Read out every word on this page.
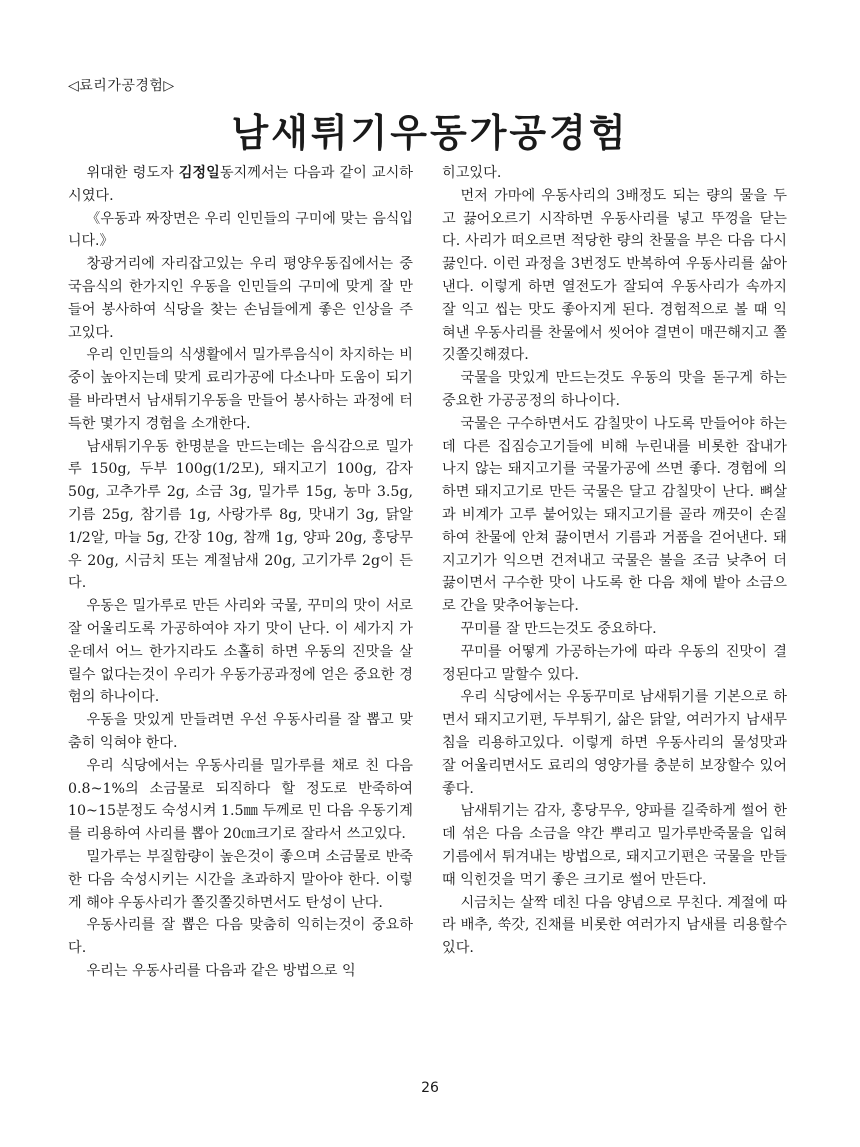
◁료리가공경험▷
남새튀기우동가공경험

위대한 령도자 김정일동지께서는 다음과 같이 교시하시였다.

《우동과 짜장면은 우리 인민들의 구미에 맞는 음식입니다.》

창광거리에 자리잡고있는 우리 평양우동집에서는 중국음식의 한가지인 우동을 인민들의 구미에 맞게 잘 만들어 봉사하여 식당을 찾는 손님들에게 좋은 인상을 주고있다.

우리 인민들의 식생활에서 밀가루음식이 차지하는 비중이 높아지는데 맞게 료리가공에 다소나마 도움이 되기를 바라면서 남새튀기우동을 만들어 봉사하는 과정에 터득한 몇가지 경험을 소개한다.

남새튀기우동 한명분을 만드는데는 음식감으로 밀가루 150g, 두부 100g(1/2모), 돼지고기 100g, 감자 50g, 고추가루 2g, 소금 3g, 밀가루 15g, 농마 3.5g, 기름 25g, 참기름 1g, 사랑가루 8g, 맛내기 3g, 닭알 1/2알, 마늘 5g, 간장 10g, 참깨 1g, 양파 20g, 홍당무우 20g, 시금치 또는 계절남새 20g, 고기가루 2g이 든다.

우동은 밀가루로 만든 사리와 국물, 꾸미의 맛이 서로 잘 어울리도록 가공하여야 자기 맛이 난다. 이 세가지 가운데서 어느 한가지라도 소홀히 하면 우동의 진맛을 살릴수 없다는것이 우리가 우동가공과정에 얻은 중요한 경험의 하나이다.

우동을 맛있게 만들려면 우선 우동사리를 잘 뽑고 맞춤히 익혀야 한다.

우리 식당에서는 우동사리를 밀가루를 채로 친 다음 0.8~1%의 소금물로 되직하다 할 정도로 반죽하여 10~15분정도 숙성시켜 1.5㎜ 두께로 민 다음 우동기계를 리용하여 사리를 뽑아 20㎝크기로 잘라서 쓰고있다.

밀가루는 부질함량이 높은것이 좋으며 소금물로 반죽한 다음 숙성시키는 시간을 초과하지 말아야 한다. 이렇게 해야 우동사리가 쫄깃쫄깃하면서도 탄성이 난다.

우동사리를 잘 뽑은 다음 맞춤히 익히는것이 중요하다.

우리는 우동사리를 다음과 같은 방법으로 익

히고있다.

먼저 가마에 우동사리의 3배정도 되는 량의 물을 두고 끓어오르기 시작하면 우동사리를 넣고 뚜껑을 닫는다. 사리가 떠오르면 적당한 량의 찬물을 부은 다음 다시 끓인다. 이런 과정을 3번정도 반복하여 우동사리를 삶아낸다. 이렇게 하면 열전도가 잘되여 우동사리가 속까지 잘 익고 씹는 맛도 좋아지게 된다. 경험적으로 볼 때 익혀낸 우동사리를 찬물에서 씻어야 결면이 매끈해지고 쫄깃쫄깃해졌다.

국물을 맛있게 만드는것도 우동의 맛을 돋구게 하는 중요한 가공공정의 하나이다.

국물은 구수하면서도 감칠맛이 나도록 만들어야 하는데 다른 집짐승고기들에 비해 누린내를 비롯한 잡내가 나지 않는 돼지고기를 국물가공에 쓰면 좋다. 경험에 의하면 돼지고기로 만든 국물은 달고 감칠맛이 난다. 뼈살과 비계가 고루 붙어있는 돼지고기를 골라 깨끗이 손질하여 찬물에 안쳐 끓이면서 기름과 거품을 걷어낸다. 돼지고기가 익으면 건져내고 국물은 불을 조금 낮추어 더 끓이면서 구수한 맛이 나도록 한 다음 채에 밭아 소금으로 간을 맞추어놓는다.

꾸미를 잘 만드는것도 중요하다.

꾸미를 어떻게 가공하는가에 따라 우동의 진맛이 결정된다고 말할수 있다.

우리 식당에서는 우동꾸미로 남새튀기를 기본으로 하면서 돼지고기편, 두부튀기, 삶은 닭알, 여러가지 남새무침을 리용하고있다. 이렇게 하면 우동사리의 물성맛과 잘 어울리면서도 료리의 영양가를 충분히 보장할수 있어 좋다.

남새튀기는 감자, 홍당무우, 양파를 길죽하게 썰어 한데 섞은 다음 소금을 약간 뿌리고 밀가루반죽물을 입혀 기름에서 튀겨내는 방법으로, 돼지고기편은 국물을 만들 때 익힌것을 먹기 좋은 크기로 썰어 만든다.

시금치는 살짝 데친 다음 양념으로 무친다. 계절에 따라 배추, 쑥갓, 진채를 비롯한 여러가지 남새를 리용할수 있다.

26
